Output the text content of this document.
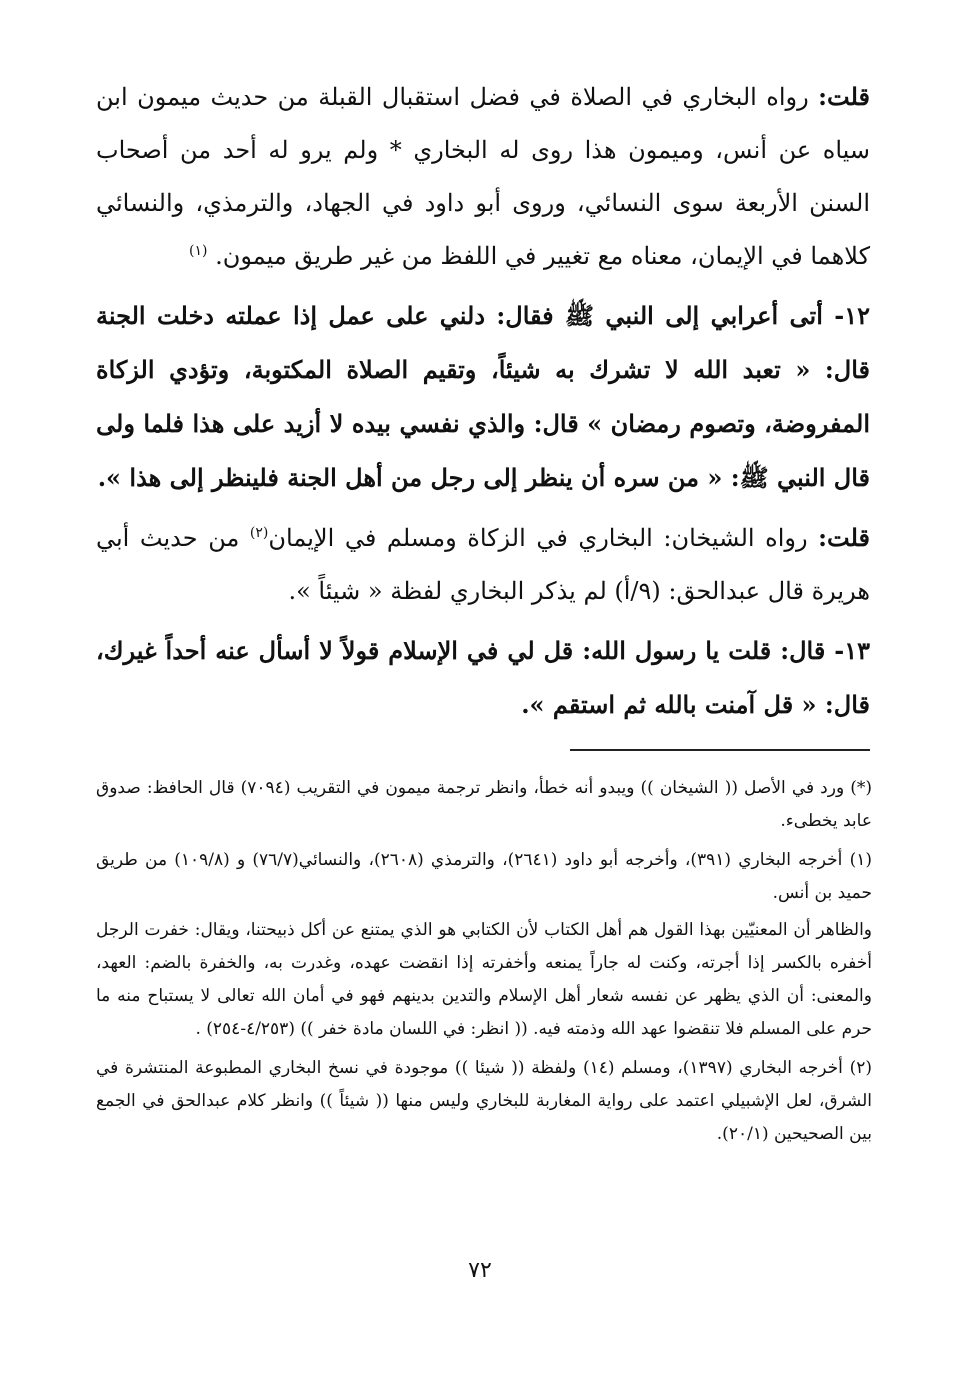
قلت: رواه البخاري في الصلاة في فضل استقبال القبلة من حديث ميمون ابن سياه عن أنس، وميمون هذا روى له البخاري * ولم يرو له أحد من أصحاب السنن الأربعة سوى النسائي، وروى أبو داود في الجهاد، والترمذي، والنسائي كلاهما في الإيمان، معناه مع تغيير في اللفظ من غير طريق ميمون. $^{(١)}$

١٢- أتى أعرابي إلى النبي ﷺ فقال: دلني على عمل إذا عملته دخلت الجنة قال: « تعبد الله لا تشرك به شيئاً، وتقيم الصلاة المكتوبة، وتؤدي الزكاة المفروضة، وتصوم رمضان » قال: والذي نفسي بيده لا أزيد على هذا فلما ولى قال النبي ﷺ: « من سره أن ينظر إلى رجل من أهل الجنة فلينظر إلى هذا ».

قلت: رواه الشيخان: البخاري في الزكاة ومسلم في الإيمان$^{(٢)}$ من حديث أبي هريرة قال عبدالحق: (٩/أ) لم يذكر البخاري لفظة « شيئاً ».

١٣- قال: قلت يا رسول الله: قل لي في الإسلام قولاً لا أسأل عنه أحداً غيرك، قال: « قل آمنت بالله ثم استقم ».

(*) ورد في الأصل (( الشيخان )) ويبدو أنه خطأ، وانظر ترجمة ميمون في التقريب (٧٠٩٤) قال الحافظ: صدوق عابد يخطىء.

(١) أخرجه البخاري (٣٩١)، وأخرجه أبو داود (٢٦٤١)، والترمذي (٢٦٠٨)، والنسائي(٧٦/٧) و (١٠٩/٨) من طريق حميد بن أنس.

والظاهر أن المعنيّين بهذا القول هم أهل الكتاب لأن الكتابي هو الذي يمتنع عن أكل ذبيحتنا، ويقال: خفرت الرجل أخفره بالكسر إذا أجرته، وكنت له جاراً يمنعه وأخفرته إذا انقضت عهده، وغدرت به، والخفرة بالضم: العهد، والمعنى: أن الذي يظهر عن نفسه شعار أهل الإسلام والتدين بدينهم فهو في أمان الله تعالى لا يستباح منه ما حرم على المسلم فلا تنقضوا عهد الله وذمته فيه. (( انظر: في اللسان مادة خفر )) (٤/٢٥٣-٢٥٤) .

(٢) أخرجه البخاري (١٣٩٧)، ومسلم (١٤) ولفظة (( شيئا )) موجودة في نسخ البخاري المطبوعة المنتشرة في الشرق، لعل الإشبيلي اعتمد على رواية المغاربة للبخاري وليس منها (( شيئاً )) وانظر كلام عبدالحق في الجمع بين الصحيحين (٢٠/١).

٧٢
